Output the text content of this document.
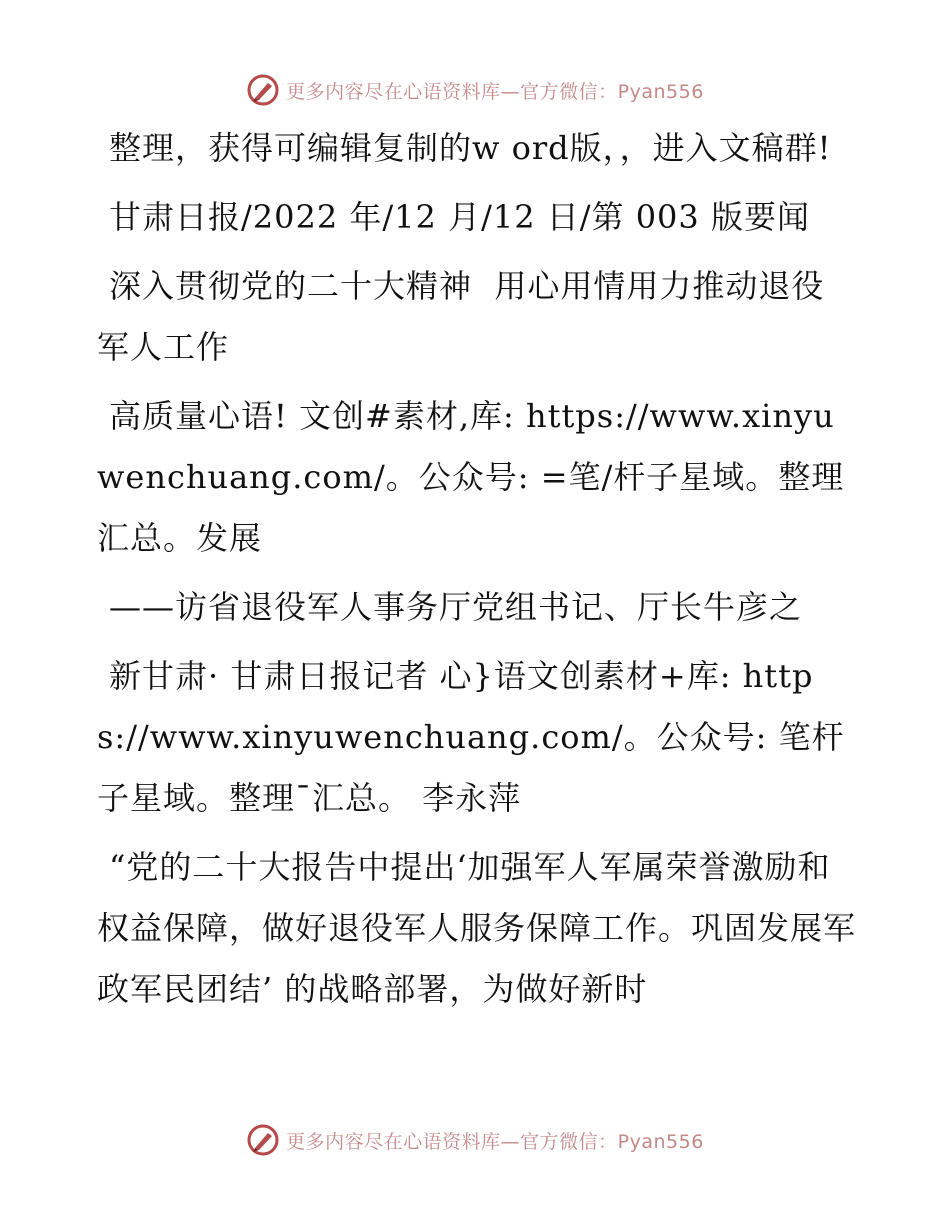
更多内容尽在心语资料库—官方微信：Pyan556

整理，获得可编辑复制的w ord版，，进入文稿群!

甘肃日报/2022 年/12 月/12 日/第 003 版要闻

深入贯彻党的二十大精神  用心用情用力推动退役军人工作

高质量心语! 文创#素材,库: https://www.xinyuwenchuang.com/。公众号: =笔/杆子星域。整理汇总。发展

——访省退役军人事务厅党组书记、厅长牛彦之

新甘肃· 甘肃日报记者 心}语文创素材+库: https://www.xinyuwenchuang.com/。公众号: 笔杆子星域。整理¯汇总。 李永萍

“党的二十大报告中提出‘加强军人军属荣誉激励和权益保障，做好退役军人服务保障工作。巩固发展军政军民团结’ 的战略部署，为做好新时

更多内容尽在心语资料库—官方微信：Pyan556
